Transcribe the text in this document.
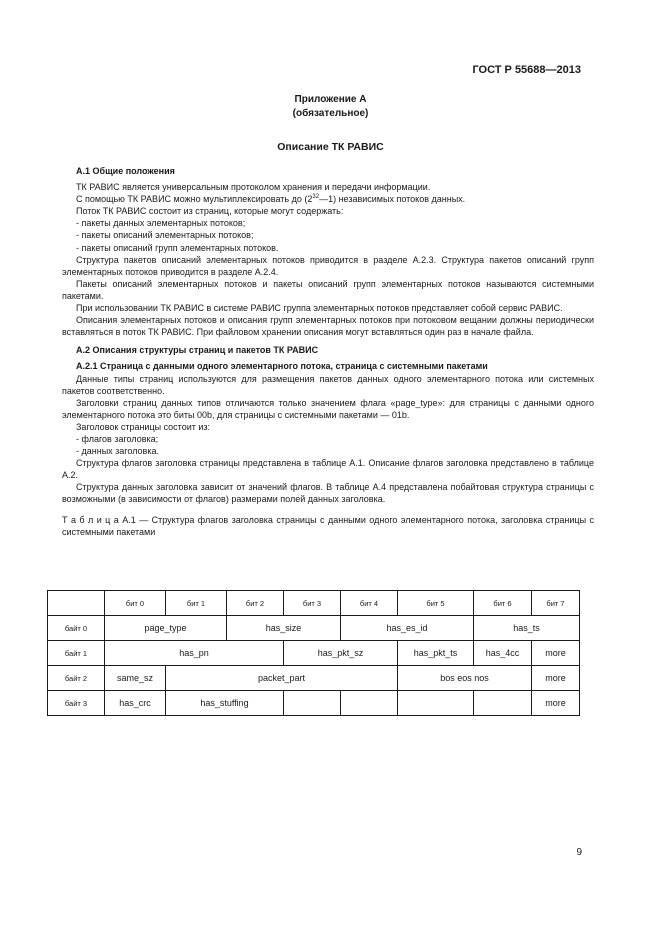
ГОСТ Р 55688—2013
Приложение А
(обязательное)
Описание ТК РАВИС

А.1 Общие положения

ТК РАВИС является универсальным протоколом хранения и передачи информации.

С помощью ТК РАВИС можно мультиплексировать до $(2^{32}—1)$ независимых потоков данных.

Поток ТК РАВИС состоит из страниц, которые могут содержать:

- пакеты данных элементарных потоков;

- пакеты описаний элементарных потоков;

- пакеты описаний групп элементарных потоков.

Структура пакетов описаний элементарных потоков приводится в разделе А.2.3. Структура пакетов описаний групп элементарных потоков приводится в разделе А.2.4.

Пакеты описаний элементарных потоков и пакеты описаний групп элементарных потоков называются системными пакетами.

При использовании ТК РАВИС в системе РАВИС группа элементарных потоков представляет собой сервис РАВИС.

Описания элементарных потоков и описания групп элементарных потоков при потоковом вещании должны периодически вставляться в поток ТК РАВИС. При файловом хранении описания могут вставляться один раз в начале файла.

А.2 Описания структуры страниц и пакетов ТК РАВИС

А.2.1 Страница с данными одного элементарного потока, страница с системными пакетами

Данные типы страниц используются для размещения пакетов данных одного элементарного потока или системных пакетов соответственно.

Заголовки страниц данных типов отличаются только значением флага «page_type»: для страницы с данными одного элементарного потока это биты 00b, для страницы с системными пакетами — 01b.

Заголовок страницы состоит из:

- флагов заголовка;

- данных заголовка.

Структура флагов заголовка страницы представлена в таблице А.1. Описание флагов заголовка представлено в таблице А.2.

Структура данных заголовка зависит от значений флагов. В таблице А.4 представлена побайтовая структура страницы с возможными (в зависимости от флагов) размерами полей данных заголовка.

Т а б л и ц а А.1 — Структура флагов заголовка страницы с данными одного элементарного потока, заголовка страницы с системными пакетами

	бит 0	бит 1	бит 2	бит 3	бит 4	бит 5	бит 6	бит 7
байт 0	page_type		has_size		has_es_id		has_ts	
байт 1	has_pn			has_pkt_sz		has_pkt_ts	has_4cc	more
байт 2	same_sz	packet_part				bos eos nos		more
байт 3	has_crc	has_stuffing						more
9
